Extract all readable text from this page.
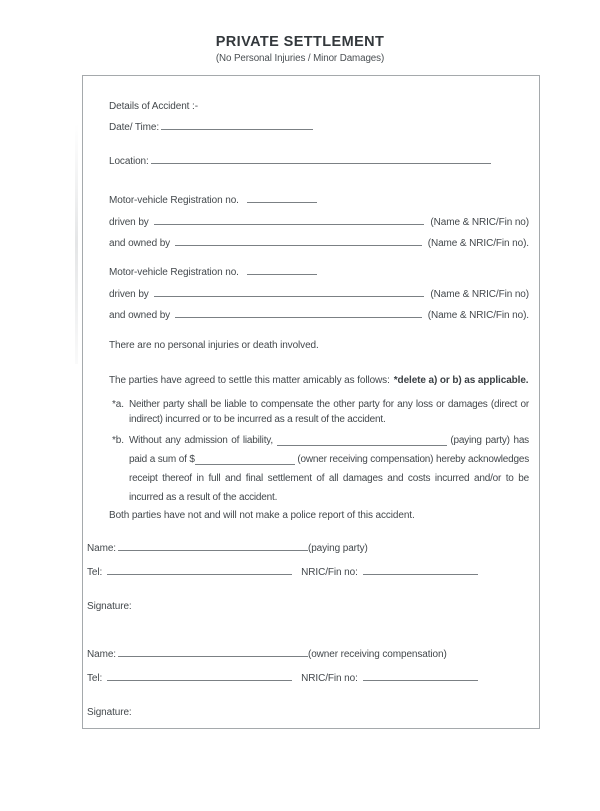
PRIVATE SETTLEMENT
(No Personal Injuries / Minor Damages)
Details of Accident :-
Date/ Time:
Location:
Motor-vehicle Registration no.
driven by	(Name & NRIC/Fin no)
and owned by	(Name & NRIC/Fin no).
Motor-vehicle Registration no.
driven by	(Name & NRIC/Fin no)
and owned by	(Name & NRIC/Fin no).
There are no personal injuries or death involved.
The parties have agreed to settle this matter amicably as follows: *delete a) or b) as applicable.
*a. Neither party shall be liable to compensate the other party for any loss or damages (direct or indirect) incurred or to be incurred as a result of the accident.
*b. Without any admission of liability,	(paying party) has paid a sum of $	(owner receiving compensation) hereby acknowledges receipt thereof in full and final settlement of all damages and costs incurred and/or to be incurred as a result of the accident.
Both parties have not and will not make a police report of this accident.
Name:	(paying party)
Tel:	NRIC/Fin no:
Signature:
Name:	(owner receiving compensation)
Tel:	NRIC/Fin no:
Signature:
